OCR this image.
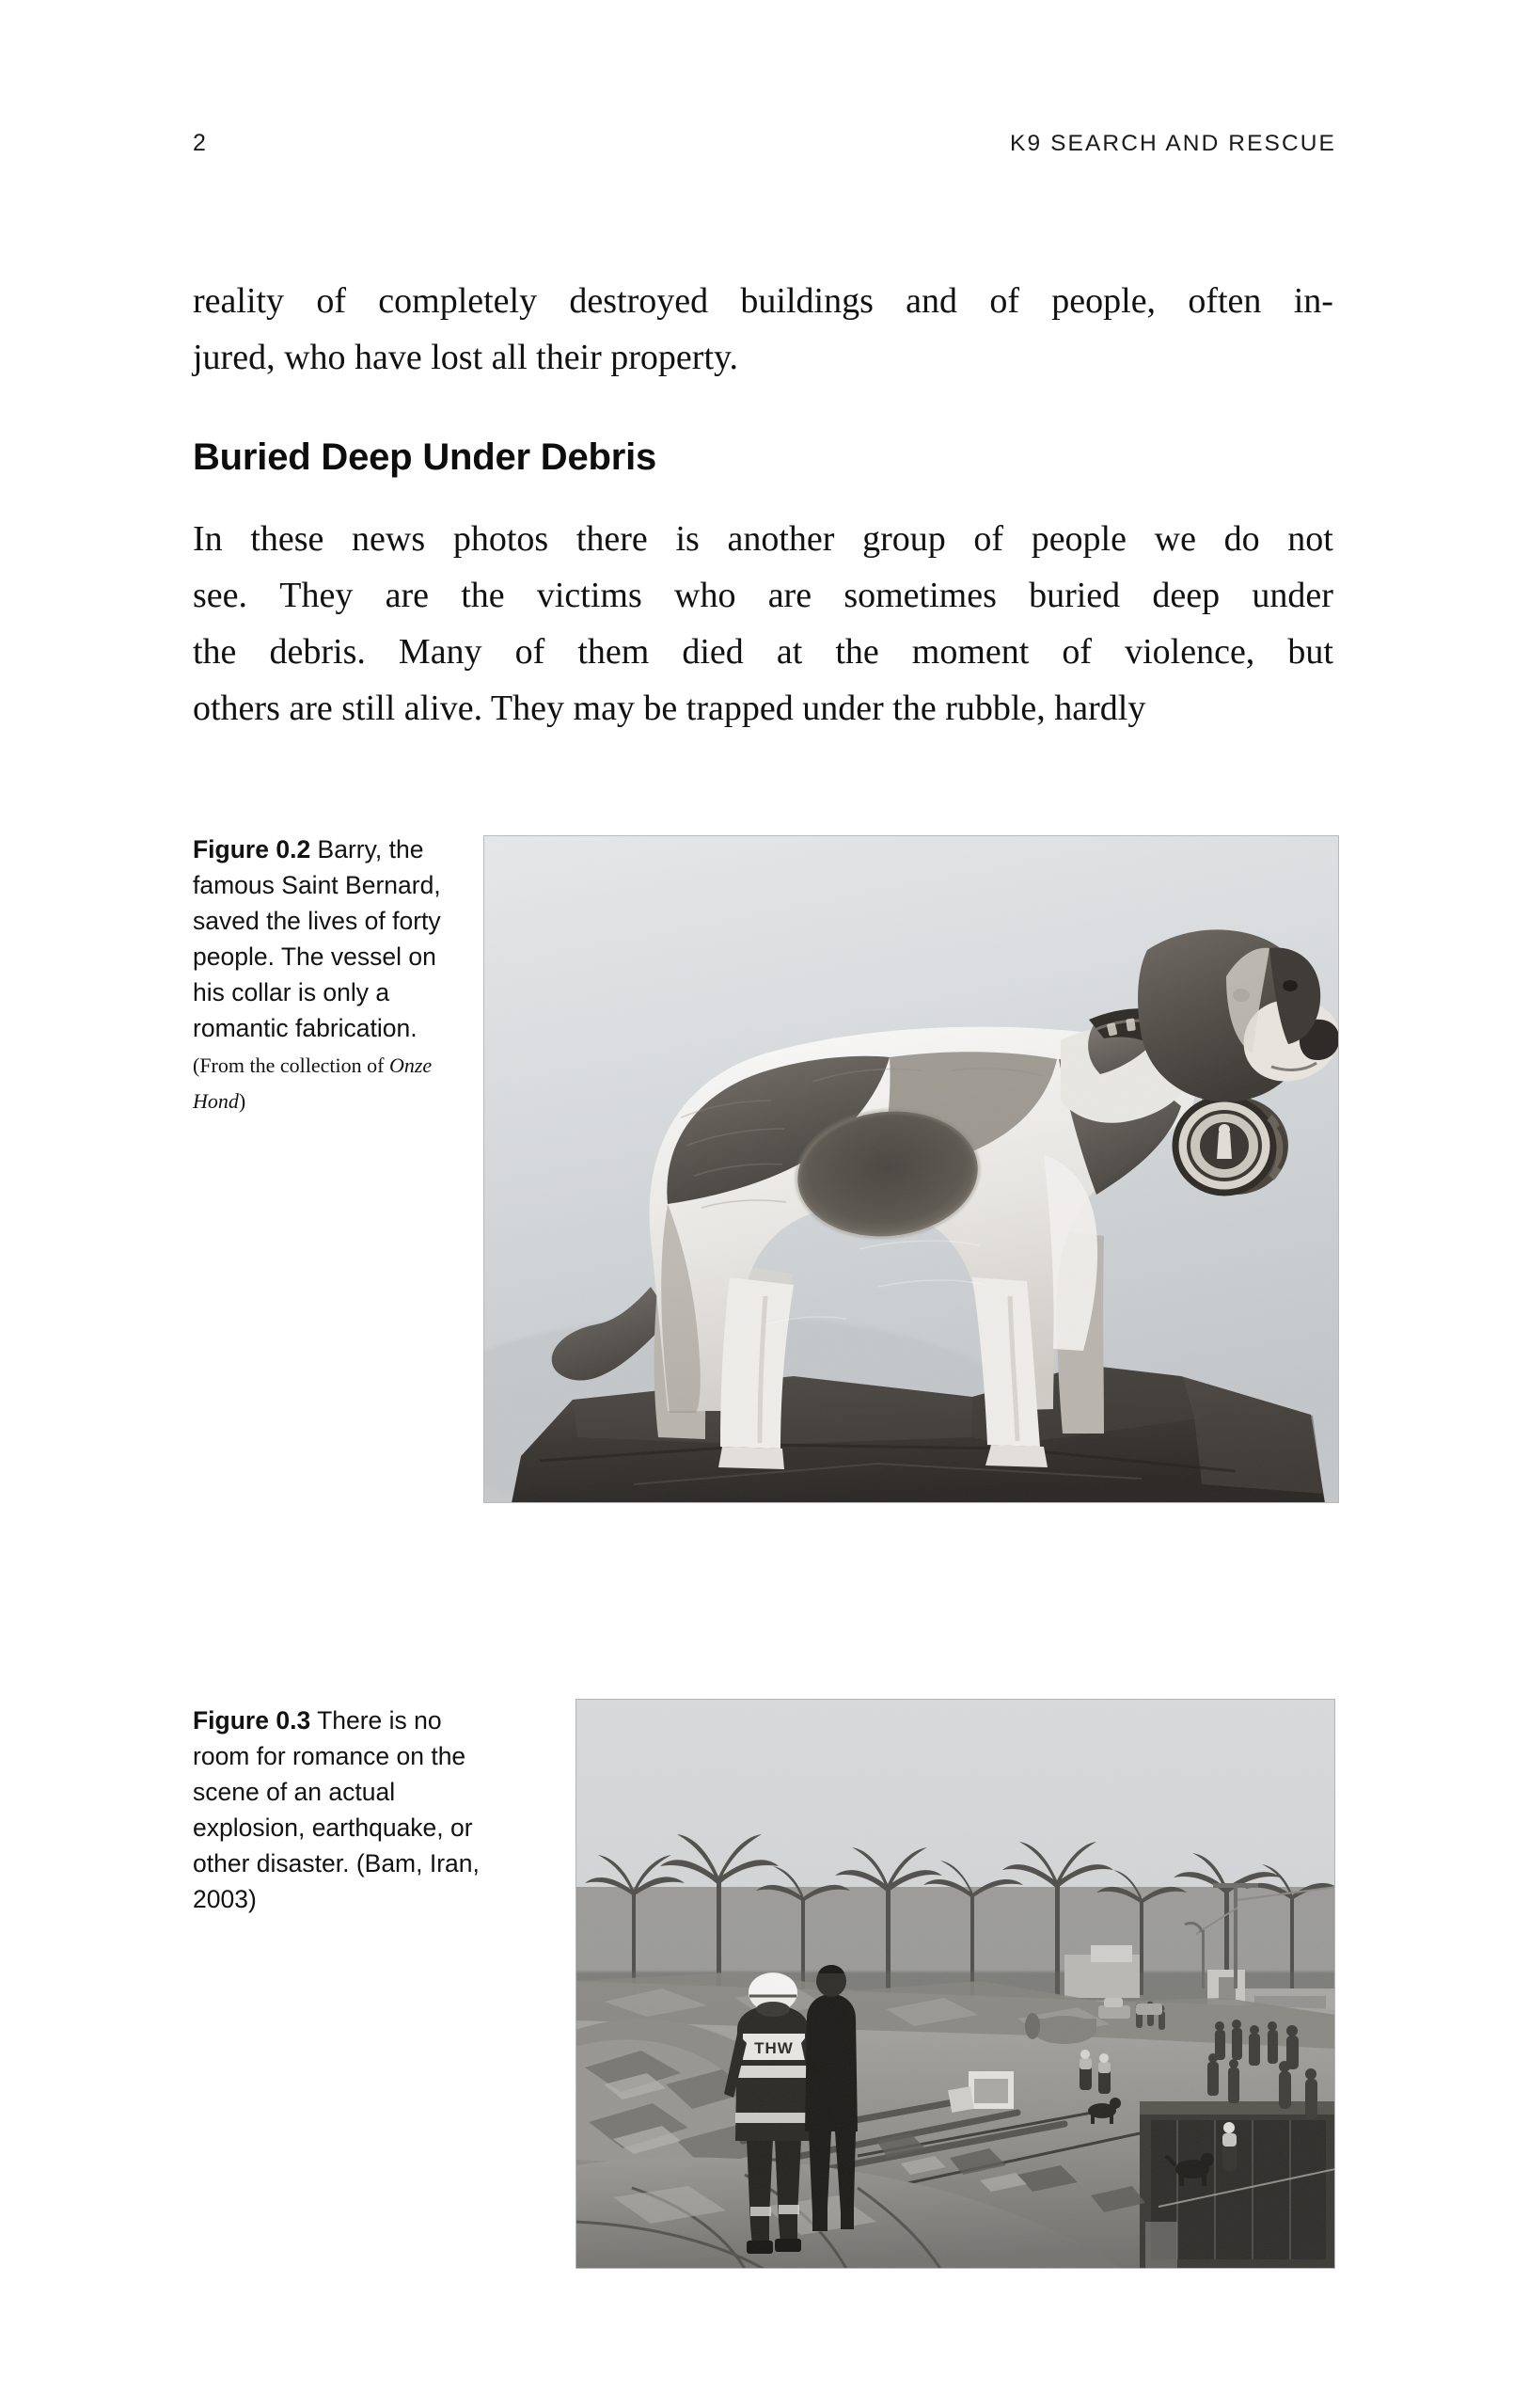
2	K9 SEARCH AND RESCUE

reality of completely destroyed buildings and of people, often in-
jured, who have lost all their property.

Buried Deep Under Debris

In these news photos there is another group of people we do not
see. They are the victims who are sometimes buried deep under
the debris. Many of them died at the moment of violence, but
others are still alive. They may be trapped under the rubble, hardly

Figure 0.2 Barry, the famous Saint Bernard, saved the lives of forty people. The vessel on his collar is only a romantic fabrication. (From the collection of Onze Hond)
Figure 0.3 There is no room for romance on the scene of an actual explosion, earthquake, or other disaster. (Bam, Iran, 2003)
THW
